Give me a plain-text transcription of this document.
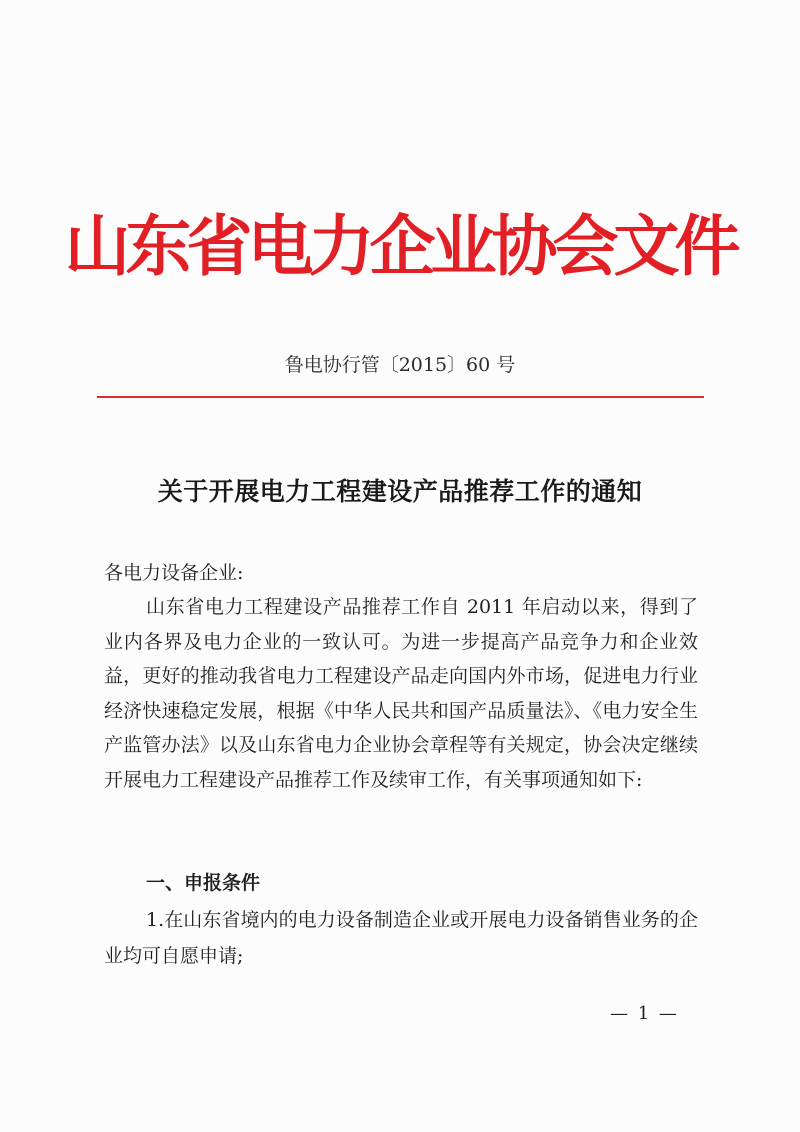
山东省电力企业协会文件
鲁电协行管〔2015〕60 号
关于开展电力工程建设产品推荐工作的通知
各电力设备企业:

山东省电力工程建设产品推荐工作自 2011 年启动以来，得到了业内各界及电力企业的一致认可。为进一步提高产品竞争力和企业效益，更好的推动我省电力工程建设产品走向国内外市场，促进电力行业经济快速稳定发展，根据《中华人民共和国产品质量法》、《电力安全生产监管办法》以及山东省电力企业协会章程等有关规定，协会决定继续开展电力工程建设产品推荐工作及续审工作，有关事项通知如下:

一、申报条件

1.在山东省境内的电力设备制造企业或开展电力设备销售业务的企业均可自愿申请;

— 1 —
